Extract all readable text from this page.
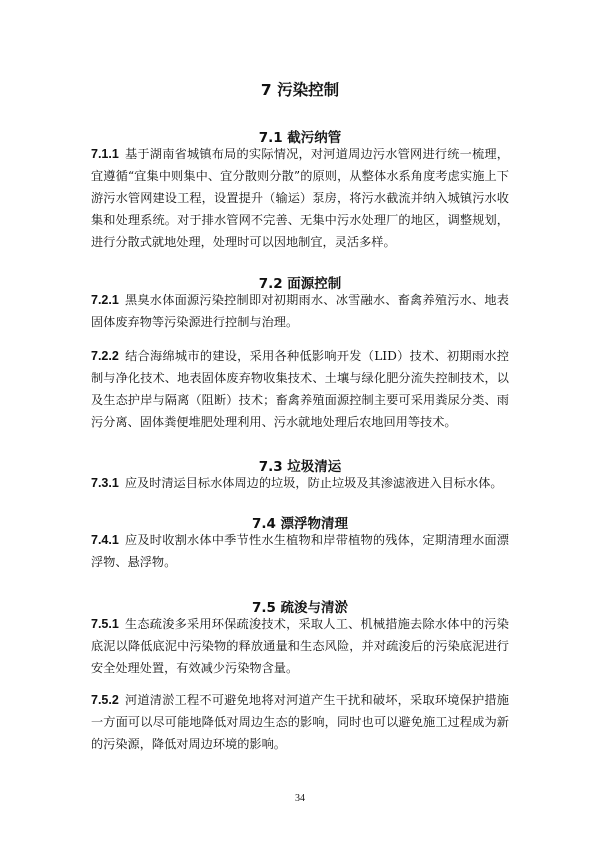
7 污染控制
7.1 截污纳管

7.1.1 基于湖南省城镇布局的实际情况，对河道周边污水管网进行统一梳理，宜遵循“宜集中则集中、宜分散则分散”的原则，从整体水系角度考虑实施上下游污水管网建设工程，设置提升（输运）泵房，将污水截流并纳入城镇污水收集和处理系统。对于排水管网不完善、无集中污水处理厂的地区，调整规划，进行分散式就地处理，处理时可以因地制宜，灵活多样。

7.2 面源控制

7.2.1 黑臭水体面源污染控制即对初期雨水、冰雪融水、畜禽养殖污水、地表固体废弃物等污染源进行控制与治理。

7.2.2 结合海绵城市的建设，采用各种低影响开发（LID）技术、初期雨水控制与净化技术、地表固体废弃物收集技术、土壤与绿化肥分流失控制技术，以及生态护岸与隔离（阻断）技术；畜禽养殖面源控制主要可采用粪尿分类、雨污分离、固体粪便堆肥处理利用、污水就地处理后农地回用等技术。

7.3 垃圾清运

7.3.1 应及时清运目标水体周边的垃圾，防止垃圾及其渗滤液进入目标水体。

7.4 漂浮物清理

7.4.1 应及时收割水体中季节性水生植物和岸带植物的残体，定期清理水面漂浮物、悬浮物。

7.5 疏浚与清淤

7.5.1 生态疏浚多采用环保疏浚技术，采取人工、机械措施去除水体中的污染底泥以降低底泥中污染物的释放通量和生态风险，并对疏浚后的污染底泥进行安全处理处置，有效减少污染物含量。

7.5.2 河道清淤工程不可避免地将对河道产生干扰和破坏，采取环境保护措施一方面可以尽可能地降低对周边生态的影响，同时也可以避免施工过程成为新的污染源，降低对周边环境的影响。

34
